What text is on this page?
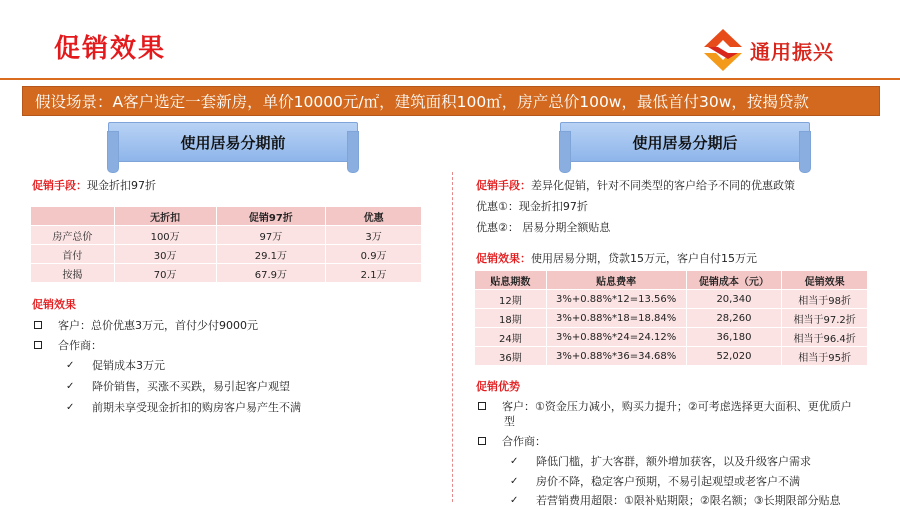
促销效果	通用振兴
假设场景：A客户选定一套新房，单价10000元/㎡，建筑面积100㎡，房产总价100w，最低首付30w，按揭贷款
使用居易分期前
促销手段：现金折扣97折
	无折扣	促销97折	优惠
房产总价	100万	97万	3万
首付	30万	29.1万	0.9万
按揭	70万	67.9万	2.1万
促销效果
客户：总价优惠3万元，首付少付9000元
合作商：
✓	促销成本3万元
✓	降价销售，买涨不买跌，易引起客户观望
✓	前期未享受现金折扣的购房客户易产生不满
使用居易分期后
促销手段：差异化促销，针对不同类型的客户给予不同的优惠政策
优惠①：现金折扣97折
优惠②： 居易分期全额贴息
促销效果：使用居易分期，贷款15万元，客户自付15万元
贴息期数	贴息费率	促销成本（元）	促销效果
12期	3%+0.88%*12=13.56%	20,340	相当于98折
18期	3%+0.88%*18=18.84%	28,260	相当于97.2折
24期	3%+0.88%*24=24.12%	36,180	相当于96.4折
36期	3%+0.88%*36=34.68%	52,020	相当于95折
促销优势
客户：①资金压力减小，购买力提升；②可考虑选择更大面积、更优质户
型
合作商：
✓	降低门槛，扩大客群，额外增加获客，以及升级客户需求
✓	房价不降，稳定客户预期，不易引起观望或老客户不满
✓	若营销费用超限：①限补贴期限；②限名额；③长期限部分贴息
